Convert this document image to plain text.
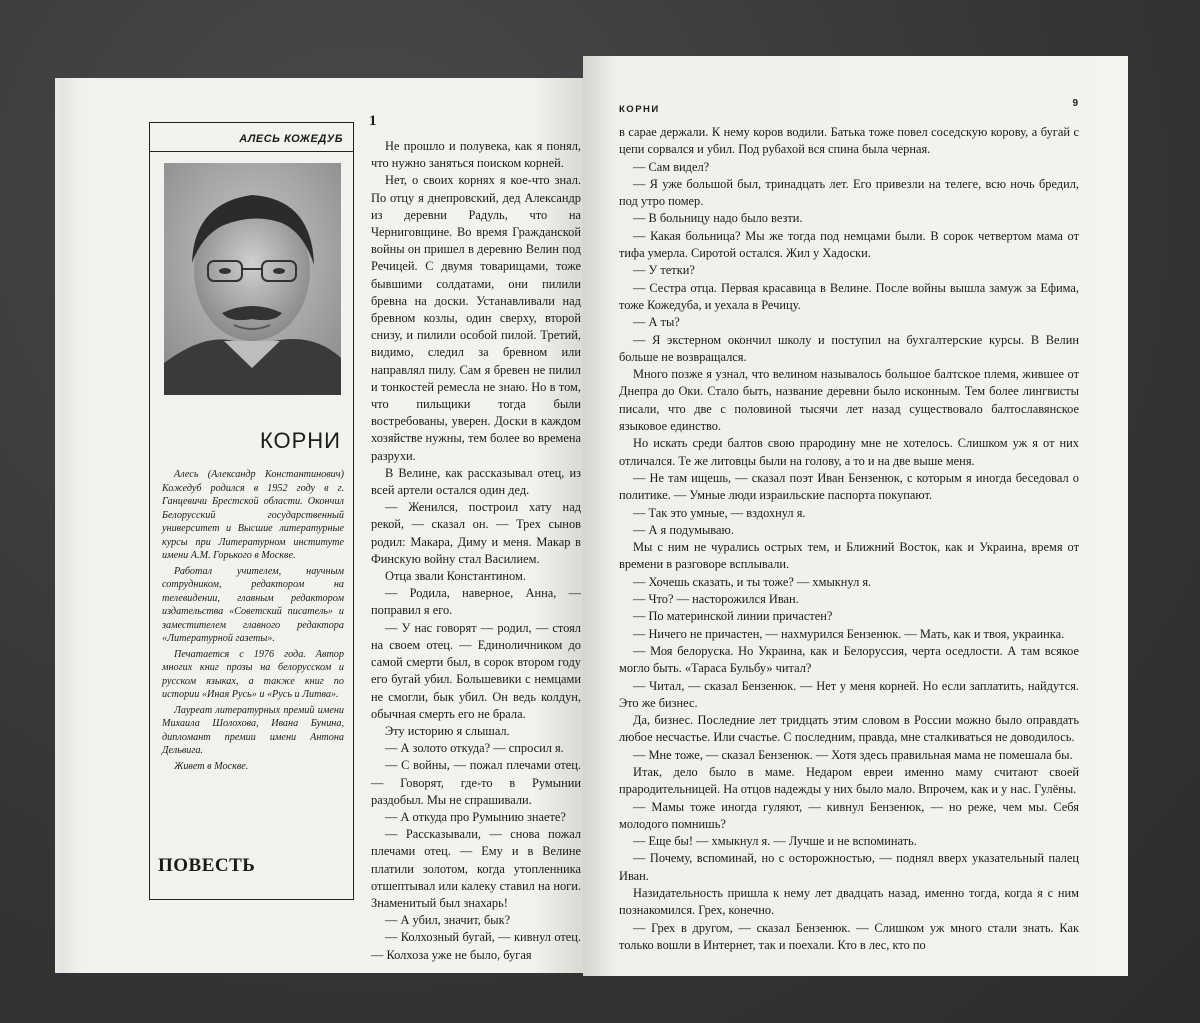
АЛЕСЬ КОЖЕДУБ
КОРНИ

Алесь (Александр Константинович) Кожедуб родился в 1952 году в г. Ганцевичи Брестской области. Окончил Белорусский государственный университет и Высшие литературные курсы при Литературном институте имени А.М. Горького в Москве.

Работал учителем, научным сотрудником, редактором на телевидении, главным редактором издательства «Советский писатель» и заместителем главного редактора «Литературной газеты».

Печатается с 1976 года. Автор многих книг прозы на белорусском и русском языках, а также книг по истории «Иная Русь» и «Русь и Литва».

Лауреат литературных премий имени Михаила Шолохова, Ивана Бунина, дипломант премии имени Антона Дельвига.

Живет в Москве.

ПОВЕСТЬ
1

Не прошло и полувека, как я понял, что нужно заняться поиском корней.

Нет, о своих корнях я кое-что знал. По отцу я днепровский, дед Александр из деревни Радуль, что на Черниговщине. Во время Гражданской войны он пришел в деревню Велин под Речицей. С двумя товарищами, тоже бывшими солдатами, они пилили бревна на доски. Устанавливали над бревном козлы, один сверху, второй снизу, и пилили особой пилой. Третий, видимо, следил за бревном или направлял пилу. Сам я бревен не пилил и тонкостей ремесла не знаю. Но в том, что пильщики тогда были востребованы, уверен. Доски в каждом хозяйстве нужны, тем более во времена разрухи.

В Велине, как рассказывал отец, из всей артели остался один дед.

— Женился, построил хату над рекой, — сказал он. — Трех сынов родил: Макара, Диму и меня. Макар в Финскую войну стал Василием.

Отца звали Константином.

— Родила, наверное, Анна, — поправил я его.

— У нас говорят — родил, — стоял на своем отец. — Единоличником до самой смерти был, в сорок втором году его бугай убил. Большевики с немцами не смогли, бык убил. Он ведь колдун, обычная смерть его не брала.

Эту историю я слышал.

— А золото откуда? — спросил я.

— С войны, — пожал плечами отец. — Говорят, где-то в Румынии раздобыл. Мы не спрашивали.

— А откуда про Румынию знаете?

— Рассказывали, — снова пожал плечами отец. — Ему и в Велине платили золотом, когда утопленника отшептывал или калеку ставил на ноги. Знаменитый был знахарь!

— А убил, значит, бык?

— Колхозный бугай, — кивнул отец. — Колхоза уже не было, бугая

КОРНИ
9

в сарае держали. К нему коров водили. Батька тоже повел соседскую корову, а бугай с цепи сорвался и убил. Под рубахой вся спина была черная.

— Сам видел?

— Я уже большой был, тринадцать лет. Его привезли на телеге, всю ночь бредил, под утро помер.

— В больницу надо было везти.

— Какая больница? Мы же тогда под немцами были. В сорок четвертом мама от тифа умерла. Сиротой остался. Жил у Хадоски.

— У тетки?

— Сестра отца. Первая красавица в Велине. После войны вышла замуж за Ефима, тоже Кожедуба, и уехала в Речицу.

— А ты?

— Я экстерном окончил школу и поступил на бухгалтерские курсы. В Велин больше не возвращался.

Много позже я узнал, что велином называлось большое балтское племя, жившее от Днепра до Оки. Стало быть, название деревни было исконным. Тем более лингвисты писали, что две с половиной тысячи лет назад существовало балтославянское языковое единство.

Но искать среди балтов свою прародину мне не хотелось. Слишком уж я от них отличался. Те же литовцы были на голову, а то и на две выше меня.

— Не там ищешь, — сказал поэт Иван Бензенюк, с которым я иногда беседовал о политике. — Умные люди израильские паспорта покупают.

— Так это умные, — вздохнул я.

— А я подумываю.

Мы с ним не чурались острых тем, и Ближний Восток, как и Украина, время от времени в разговоре всплывали.

— Хочешь сказать, и ты тоже? — хмыкнул я.

— Что? — насторожился Иван.

— По материнской линии причастен?

— Ничего не причастен, — нахмурился Бензенюк. — Мать, как и твоя, украинка.

— Моя белоруска. Но Украина, как и Белоруссия, черта оседлости. А там всякое могло быть. «Тараса Бульбу» читал?

— Читал, — сказал Бензенюк. — Нет у меня корней. Но если заплатить, найдутся. Это же бизнес.

Да, бизнес. Последние лет тридцать этим словом в России можно было оправдать любое несчастье. Или счастье. С последним, правда, мне сталкиваться не доводилось.

— Мне тоже, — сказал Бензенюк. — Хотя здесь правильная мама не помешала бы.

Итак, дело было в маме. Недаром евреи именно маму считают своей прародительницей. На отцов надежды у них было мало. Впрочем, как и у нас. Гулёны.

— Мамы тоже иногда гуляют, — кивнул Бензенюк, — но реже, чем мы. Себя молодого помнишь?

— Еще бы! — хмыкнул я. — Лучше и не вспоминать.

— Почему, вспоминай, но с осторожностью, — поднял вверх указательный палец Иван.

Назидательность пришла к нему лет двадцать назад, именно тогда, когда я с ним познакомился. Грех, конечно.

— Грех в другом, — сказал Бензенюк. — Слишком уж много стали знать. Как только вошли в Интернет, так и поехали. Кто в лес, кто по
